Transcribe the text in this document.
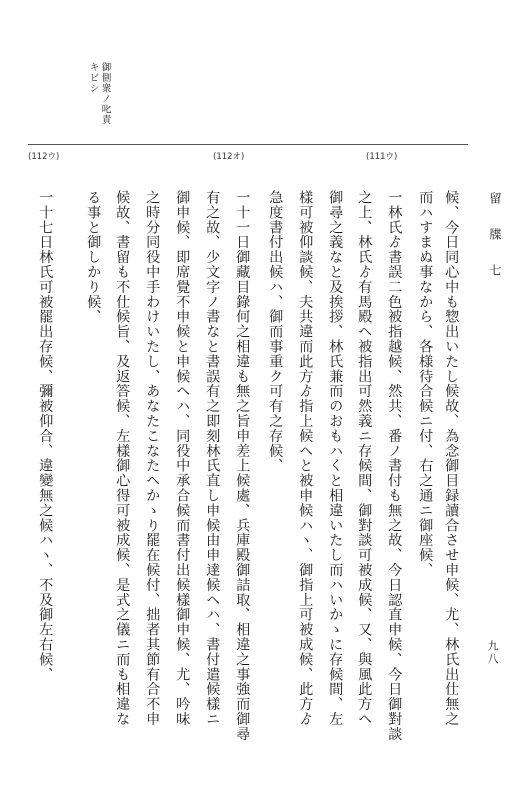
留　牒　七
九八
御側衆ノ叱責
キビシ
(111ウ)
(112オ)
(112ウ)
候、今日同心中も惣出いたし候故、為念御目録讀合させ申候、尤、林氏出仕無之
而ハすまぬ事なから、各様待合候ニ付、右之通ニ御座候、
一林氏ゟ書誤二色被指越候、然共、番ノ書付も無之故、今日認直申候、今日御對談
之上、林氏ゟ有馬殿ヘ被指出可然義ニ存候間、御對談可被成候、又、與風此方ヘ
御尋之義なと及挨拶、林氏兼而のおもハくと相違いたし而ハいかゝに存候間、左
樣可被仰談候、夫共違而此方ゟ指上候ヘと被申候ハヽ、御指上可被成候、此方ゟ
急度書付出候ハ、御而事重ク可有之存候、
一十一日御藏目錄何之相違も無之旨申差上候處、兵庫殿御詰取、相違之事強而御尋
有之故、少文字ノ書なと書誤有之即刻林氏直し申候由申達候ヘハ、書付遣候樣ニ
御申候、即席覺不申候と申候ヘハ、同役中承合候而書付出候樣御申候、尤、吟味
之時分同役中手わけいたし、あなたこなたヘかゝり罷在候付、拙者其節有合不申
候故、書留も不仕候旨、及返答候、左樣御心得可被成候、是式之儀ニ而も相違な
る事と御しかり候、
一十七日林氏可被罷出存候、彌被仰合、違變無之候ハヽ、不及御左右候、
